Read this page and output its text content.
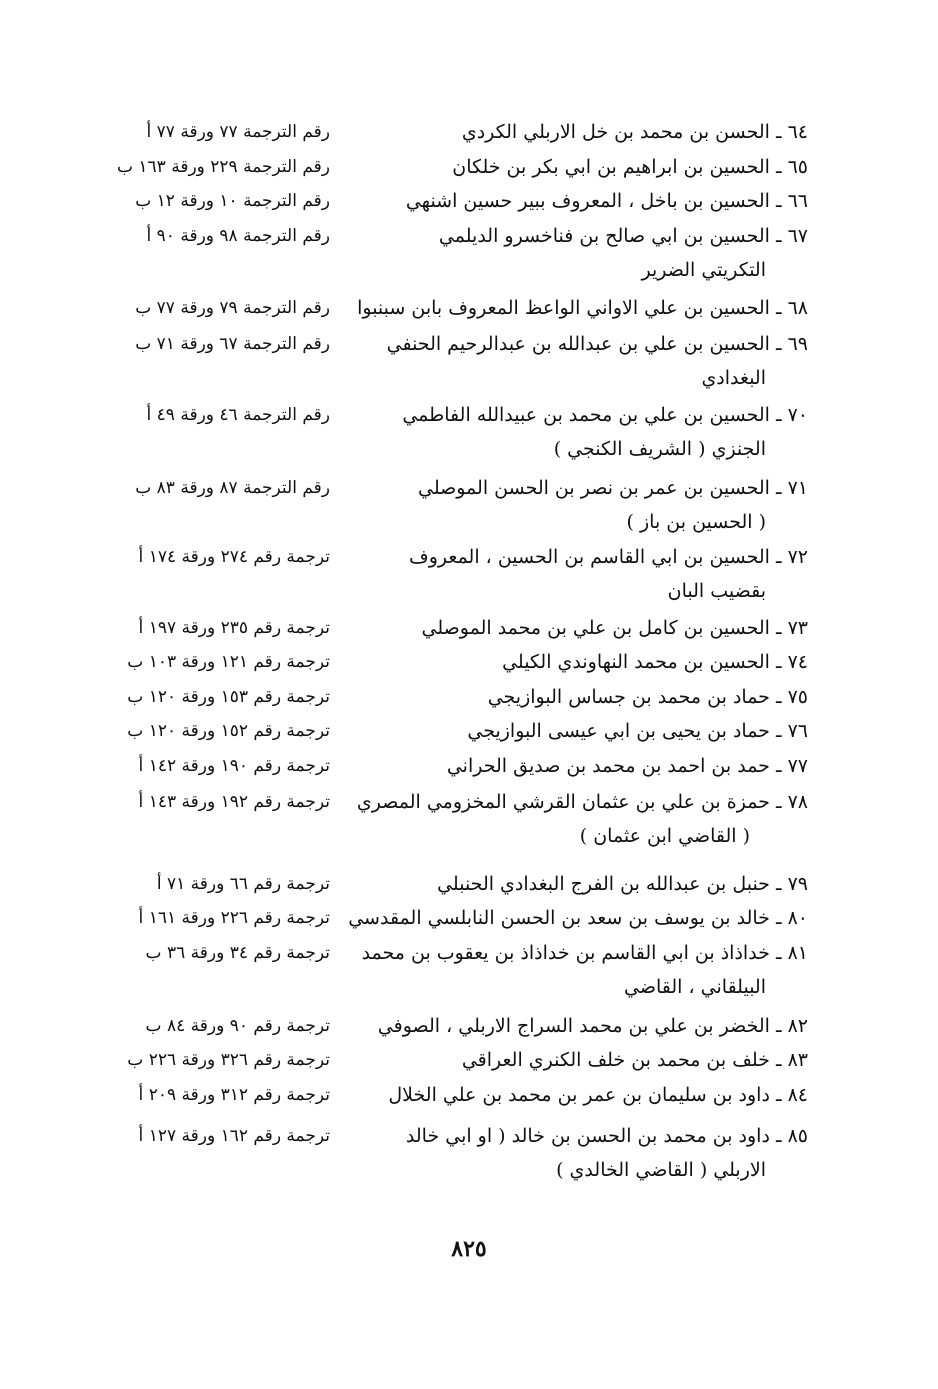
٦٤ ـ الحسن بن محمد بن خل الاربلي الكردي
رقم الترجمة ٧٧ ورقة ٧٧ أ
٦٥ ـ الحسين بن ابراهيم بن ابي بكر بن خلكان
رقم الترجمة ٢٢٩ ورقة ١٦٣ ب
٦٦ ـ الحسين بن باخل ، المعروف ببير حسين اشنهي
رقم الترجمة ١٠ ورقة ١٢ ب
٦٧ ـ الحسين بن ابي صالح بن فناخسرو الديلمي
التكريتي الضرير
رقم الترجمة ٩٨ ورقة ٩٠ أ
٦٨ ـ الحسين بن علي الاواني الواعظ المعروف بابن سبنبوا
رقم الترجمة ٧٩ ورقة ٧٧ ب
٦٩ ـ الحسين بن علي بن عبدالله بن عبدالرحيم الحنفي
البغدادي
رقم الترجمة ٦٧ ورقة ٧١ ب
٧٠ ـ الحسين بن علي بن محمد بن عبيدالله الفاطمي
الجنزي ( الشريف الكنجي )
رقم الترجمة ٤٦ ورقة ٤٩ أ
٧١ ـ الحسين بن عمر بن نصر بن الحسن الموصلي
( الحسين بن باز )
رقم الترجمة ٨٧ ورقة ٨٣ ب
٧٢ ـ الحسين بن ابي القاسم بن الحسين ، المعروف
بقضيب البان
ترجمة رقم ٢٧٤ ورقة ١٧٤ أ
٧٣ ـ الحسين بن كامل بن علي بن محمد الموصلي
ترجمة رقم ٢٣٥ ورقة ١٩٧ أ
٧٤ ـ الحسين بن محمد النهاوندي الكيلي
ترجمة رقم ١٢١ ورقة ١٠٣ ب
٧٥ ـ حماد بن محمد بن جساس البوازيجي
ترجمة رقم ١٥٣ ورقة ١٢٠ ب
٧٦ ـ حماد بن يحيى بن ابي عيسى البوازيجي
ترجمة رقم ١٥٢ ورقة ١٢٠ ب
٧٧ ـ حمد بن احمد بن محمد بن صديق الحراني
ترجمة رقم ١٩٠ ورقة ١٤٢ أ
٧٨ ـ حمزة بن علي بن عثمان القرشي المخزومي المصري
( القاضي ابن عثمان )
ترجمة رقم ١٩٢ ورقة ١٤٣ أ
٧٩ ـ حنبل بن عبدالله بن الفرج البغدادي الحنبلي
ترجمة رقم ٦٦ ورقة ٧١ أ
٨٠ ـ خالد بن يوسف بن سعد بن الحسن النابلسي المقدسي
ترجمة رقم ٢٢٦ ورقة ١٦١ أ
٨١ ـ خداذاذ بن ابي القاسم بن خداذاذ بن يعقوب بن محمد
البيلقاني ، القاضي
ترجمة رقم ٣٤ ورقة ٣٦ ب
٨٢ ـ الخضر بن علي بن محمد السراج الاربلي ، الصوفي
ترجمة رقم ٩٠ ورقة ٨٤ ب
٨٣ ـ خلف بن محمد بن خلف الكنري العراقي
ترجمة رقم ٣٢٦ ورقة ٢٢٦ ب
٨٤ ـ داود بن سليمان بن عمر بن محمد بن علي الخلال
ترجمة رقم ٣١٢ ورقة ٢٠٩ أ
٨٥ ـ داود بن محمد بن الحسن بن خالد ( او ابي خالد
الاربلي ( القاضي الخالدي )
ترجمة رقم ١٦٢ ورقة ١٢٧ أ
٨٢٥
